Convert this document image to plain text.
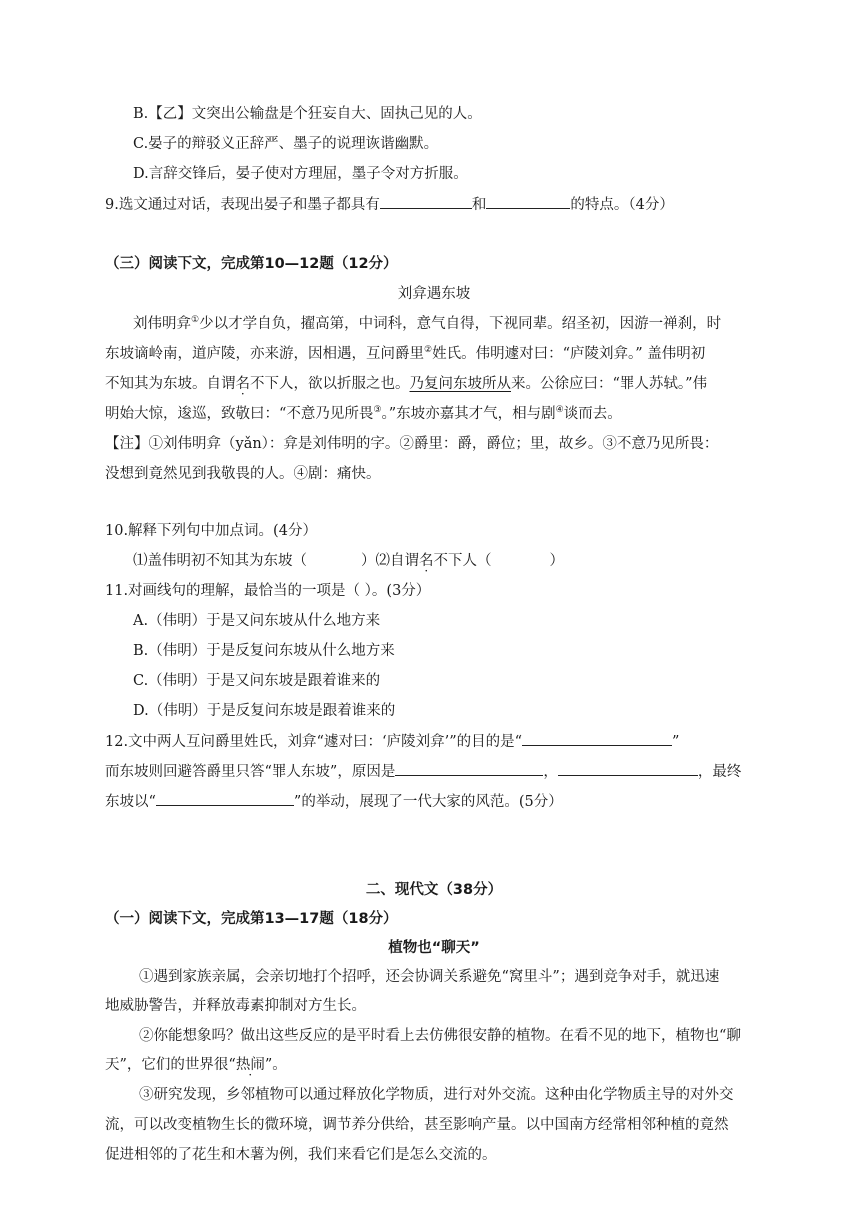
B.【乙】文突出公输盘是个狂妄自大、固执己见的人。
C.晏子的辩驳义正辞严、墨子的说理诙谐幽默。
D.言辞交锋后，晏子使对方理屈，墨子令对方折服。
9.选文通过对话，表现出晏子和墨子都具有	和	的特点。（4分）
（三）阅读下文，完成第10—12题（12分）
刘弇遇东坡
刘伟明弇①少以才学自负，擢高第，中词科，意气自得，下视同辈。绍圣初，因游一禅刹，时
东坡谪岭南，道庐陵，亦来游，因相遇，互问爵里②姓氏。伟明遽对曰：“庐陵刘弇。” 盖伟明初
不知其为东坡。自谓名不下人，欲以折服之也。乃复问东坡所从来。公徐应曰：“罪人苏轼。”伟
明始大惊，逡巡，致敬曰：“不意乃见所畏③。”东坡亦嘉其才气，相与剧④谈而去。
【注】①刘伟明弇（yǎn）：弇是刘伟明的字。②爵里：爵，爵位；里，故乡。③不意乃见所畏：
没想到竟然见到我敬畏的人。④剧：痛快。
10.解释下列句中加点词。(4分）
⑴盖伟明初不知其为东坡（	）⑵自谓名不下人（	）
11.对画线句的理解，最恰当的一项是（ ）。(3分）
A.（伟明）于是又问东坡从什么地方来
B.（伟明）于是反复问东坡从什么地方来
C.（伟明）于是又问东坡是跟着谁来的
D.（伟明）于是反复问东坡是跟着谁来的
12.文中两人互问爵里姓氏，刘弇“遽对曰：‘庐陵刘弇’”的目的是“	”
而东坡则回避答爵里只答“罪人东坡”，原因是	，	，最终
东坡以“	”的举动，展现了一代大家的风范。(5分）
二、现代文（38分）
（一）阅读下文，完成第13—17题（18分）
植物也“聊天”
①遇到家族亲属，会亲切地打个招呼，还会协调关系避免“窝里斗”；遇到竞争对手，就迅速
地威胁警告，并释放毒素抑制对方生长。
②你能想象吗？做出这些反应的是平时看上去仿佛很安静的植物。在看不见的地下，植物也“聊
天”，它们的世界很“热闹”。
③研究发现，乡邻植物可以通过释放化学物质，进行对外交流。这种由化学物质主导的对外交
流，可以改变植物生长的微环境，调节养分供给，甚至影响产量。以中国南方经常相邻种植的竟然
促进相邻的了花生和木薯为例，我们来看它们是怎么交流的。
